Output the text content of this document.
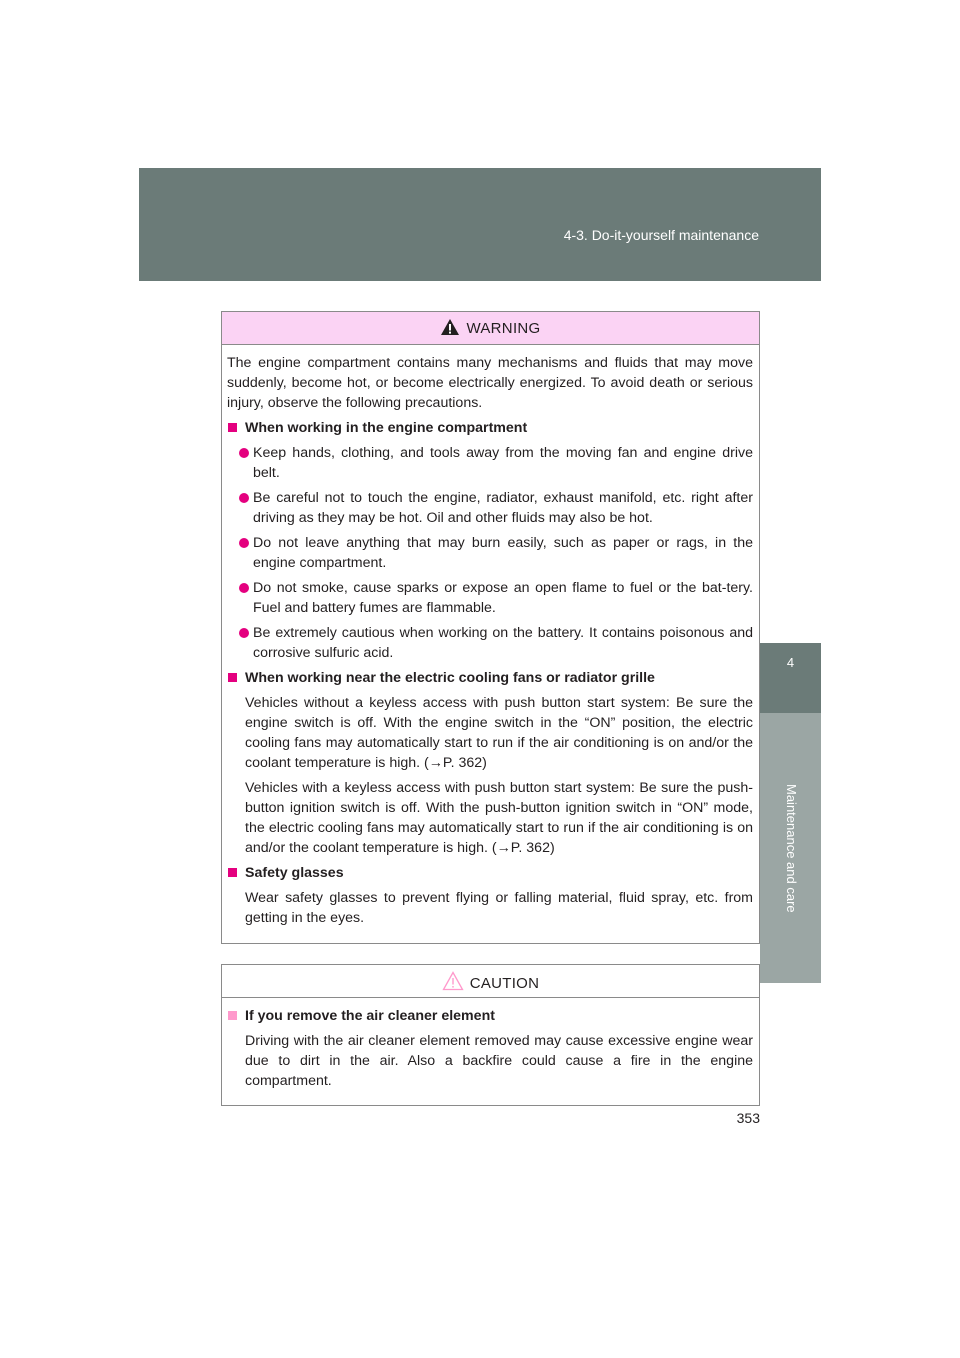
4-3. Do-it-yourself maintenance
4
Maintenance and care
WARNING

The engine compartment contains many mechanisms and fluids that may move suddenly, become hot, or become electrically energized. To avoid death or serious injury, observe the following precautions.

When working in the engine compartment
Keep hands, clothing, and tools away from the moving fan and engine drive belt.
Be careful not to touch the engine, radiator, exhaust manifold, etc. right after driving as they may be hot. Oil and other fluids may also be hot.
Do not leave anything that may burn easily, such as paper or rags, in the engine compartment.
Do not smoke, cause sparks or expose an open flame to fuel or the bat-tery. Fuel and battery fumes are flammable.
Be extremely cautious when working on the battery. It contains poisonous and corrosive sulfuric acid.
When working near the electric cooling fans or radiator grille

Vehicles without a keyless access with push button start system: Be sure the engine switch is off. With the engine switch in the “ON” position, the electric cooling fans may automatically start to run if the air conditioning is on and/or the coolant temperature is high. (→P. 362)

Vehicles with a keyless access with push button start system: Be sure the push-button ignition switch is off. With the push-button ignition switch in “ON” mode, the electric cooling fans may automatically start to run if the air conditioning is on and/or the coolant temperature is high. (→P. 362)

Safety glasses

Wear safety glasses to prevent flying or falling material, fluid spray, etc. from getting in the eyes.

CAUTION
If you remove the air cleaner element

Driving with the air cleaner element removed may cause excessive engine wear due to dirt in the air. Also a backfire could cause a fire in the engine compartment.

353
